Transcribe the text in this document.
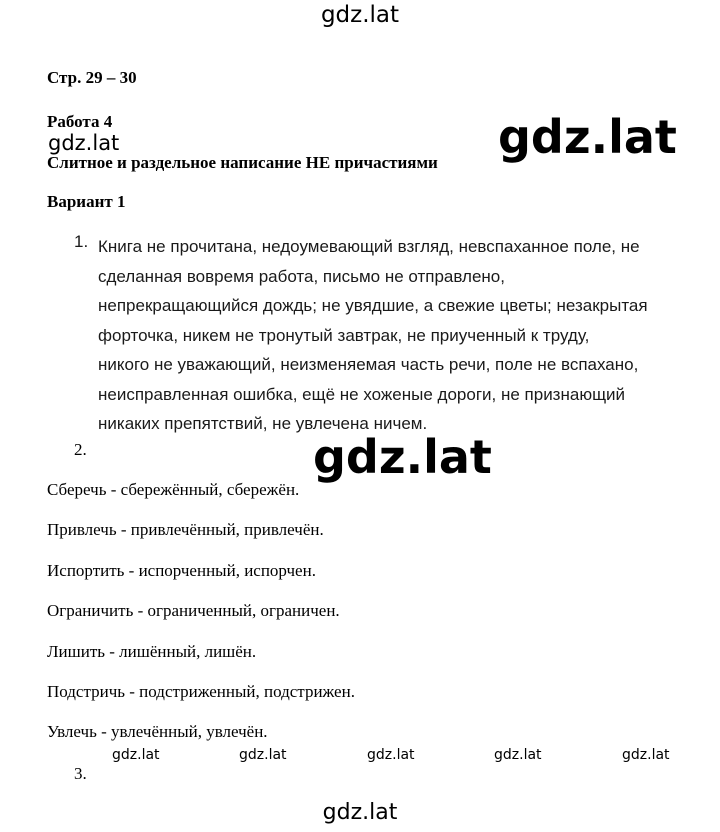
gdz.lat
Стр. 29 – 30
Работа 4
Слитное и раздельное написание НЕ причастиями
gdz.lat	gdz.lat
Вариант 1
1. Книга не прочитана, недоумевающий взгляд, невспаханное поле, не
сделанная вовремя работа, письмо не отправлено,
непрекращающийся дождь; не увядшие, а свежие цветы; незакрытая
форточка, никем не тронутый завтрак, не приученный к труду,
никого не уважающий, неизменяемая часть речи, поле не вспахано,
неисправленная ошибка, ещё не хоженые дороги, не признающий
никаких препятствий, не увлечена ничем.
2.	gdz.lat
Сберечь - сбережённый, сбережён.
Привлечь - привлечённый, привлечён.
Испортить - испорченный, испорчен.
Ограничить - ограниченный, ограничен.
Лишить - лишённый, лишён.
Подстричь - подстриженный, подстрижен.
Увлечь - увлечённый, увлечён.
gdz.lat	gdz.lat	gdz.lat	gdz.lat	gdz.lat
3.
gdz.lat
